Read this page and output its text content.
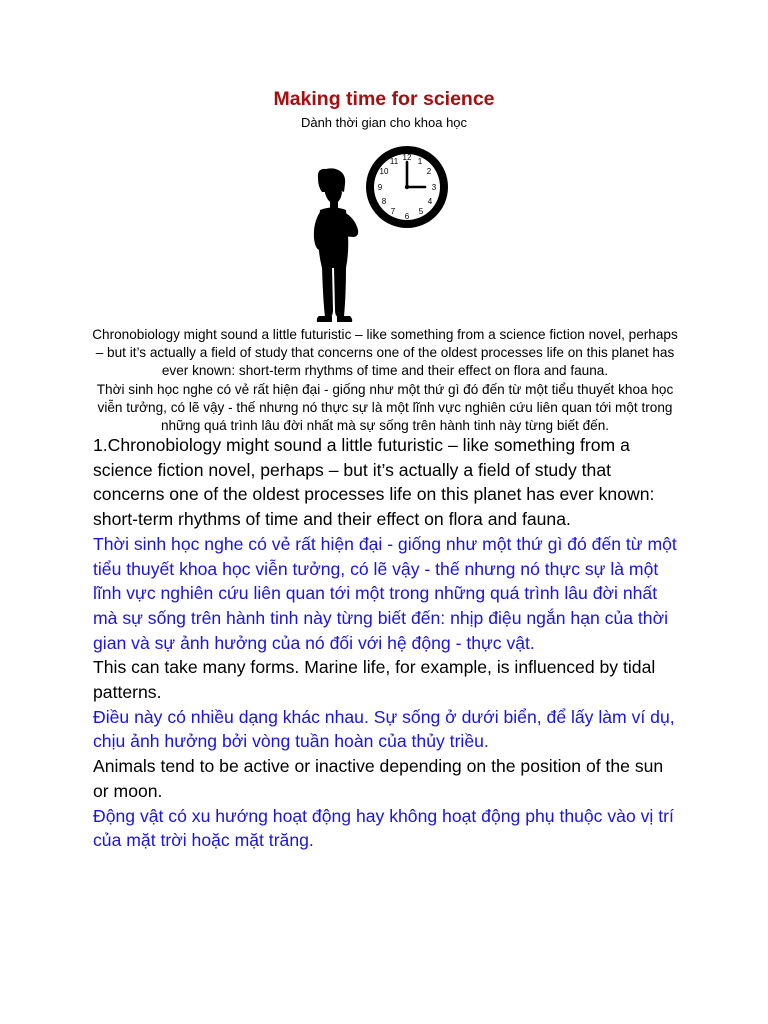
Making time for science
Dành thời gian cho khoa học
12 1
2
3
4
5
6
7
8
9
10
11

Chronobiology might sound a little futuristic – like something from a science fiction novel, perhaps – but it’s actually a field of study that concerns one of the oldest processes life on this planet has ever known: short-term rhythms of time and their effect on flora and fauna.

Thời sinh học nghe có vẻ rất hiện đại - giống như một thứ gì đó đến từ một tiểu thuyết khoa học viễn tưởng, có lẽ vậy - thế nhưng nó thực sự là một lĩnh vực nghiên cứu liên quan tới một trong những quá trình lâu đời nhất mà sự sống trên hành tinh này từng biết đến.

1.Chronobiology might sound a little futuristic – like something from a science fiction novel, perhaps – but it’s actually a field of study that concerns one of the oldest processes life on this planet has ever known: short-term rhythms of time and their effect on flora and fauna.

Thời sinh học nghe có vẻ rất hiện đại - giống như một thứ gì đó đến từ một tiểu thuyết khoa học viễn tưởng, có lẽ vậy - thế nhưng nó thực sự là một lĩnh vực nghiên cứu liên quan tới một trong những quá trình lâu đời nhất mà sự sống trên hành tinh này từng biết đến: nhịp điệu ngắn hạn của thời gian và sự ảnh hưởng của nó đối với hệ động - thực vật.

This can take many forms. Marine life, for example, is influenced by tidal patterns.

Điều này có nhiều dạng khác nhau. Sự sống ở dưới biển, để lấy làm ví dụ, chịu ảnh hưởng bởi vòng tuần hoàn của thủy triều.

Animals tend to be active or inactive depending on the position of the sun or moon.

Động vật có xu hướng hoạt động hay không hoạt động phụ thuộc vào vị trí của mặt trời hoặc mặt trăng.
